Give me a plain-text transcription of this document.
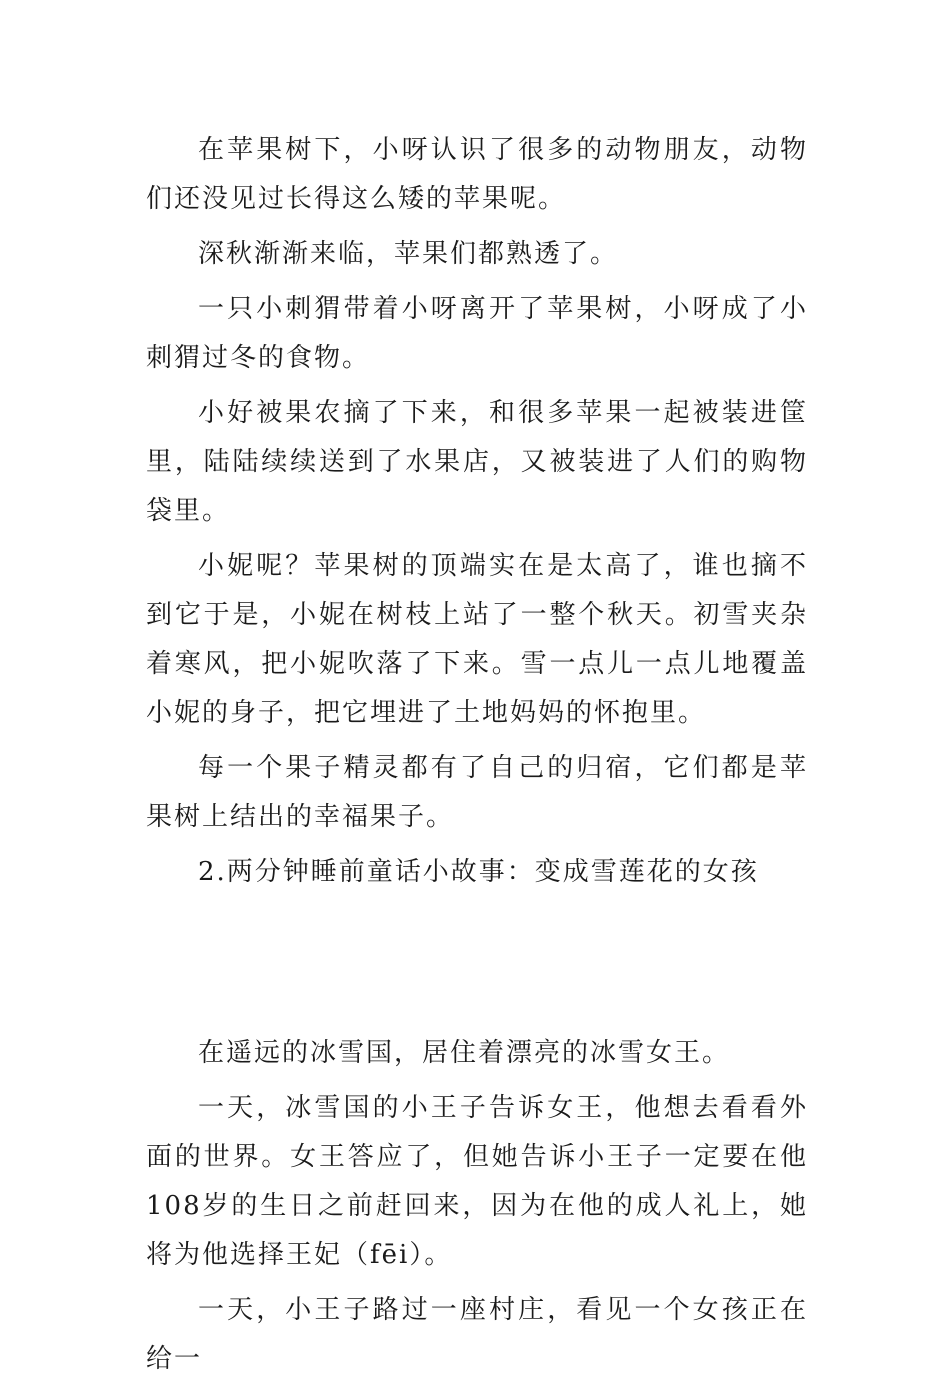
在苹果树下，小呀认识了很多的动物朋友，动物们还没见过长得这么矮的苹果呢。

深秋渐渐来临，苹果们都熟透了。

一只小刺猬带着小呀离开了苹果树，小呀成了小刺猬过冬的食物。

小好被果农摘了下来，和很多苹果一起被装进筐里，陆陆续续送到了水果店，又被装进了人们的购物袋里。

小妮呢？苹果树的顶端实在是太高了，谁也摘不到它于是，小妮在树枝上站了一整个秋天。初雪夹杂着寒风，把小妮吹落了下来。雪一点儿一点儿地覆盖小妮的身子，把它埋进了土地妈妈的怀抱里。

每一个果子精灵都有了自己的归宿，它们都是苹果树上结出的幸福果子。

2.两分钟睡前童话小故事：变成雪莲花的女孩

在遥远的冰雪国，居住着漂亮的冰雪女王。

一天，冰雪国的小王子告诉女王，他想去看看外面的世界。女王答应了，但她告诉小王子一定要在他108岁的生日之前赶回来，因为在他的成人礼上，她将为他选择王妃（fēi）。

一天，小王子路过一座村庄，看见一个女孩正在给一
